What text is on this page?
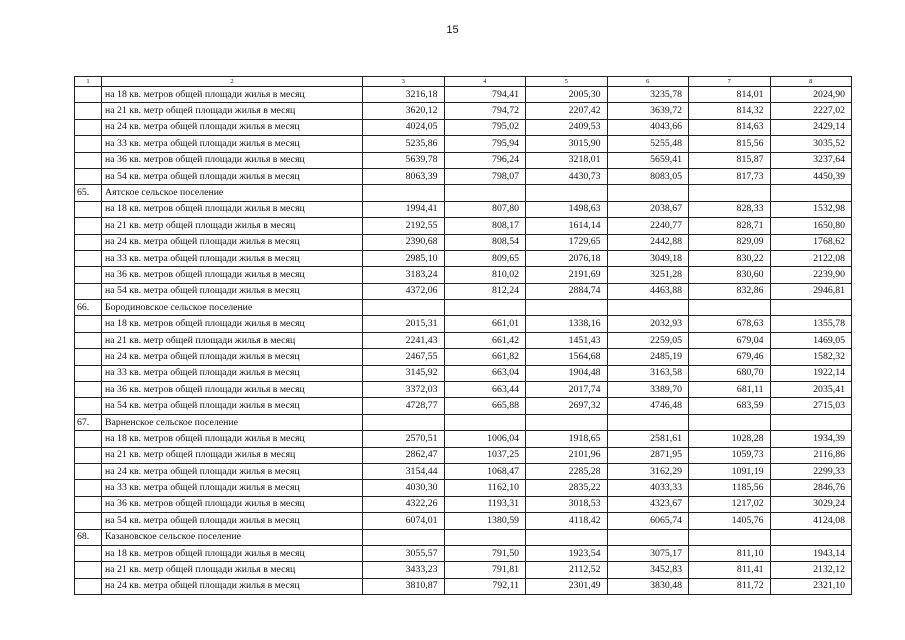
15
1	2	3	4	5	6	7	8
	на 18 кв. метров общей площади жилья в месяц	3216,18	794,41	2005,30	3235,78	814,01	2024,90
	на 21 кв. метр общей площади жилья в месяц	3620,12	794,72	2207,42	3639,72	814,32	2227,02
	на 24 кв. метра общей площади жилья в месяц	4024,05	795,02	2409,53	4043,66	814,63	2429,14
	на 33 кв. метра общей площади жилья в месяц	5235,86	795,94	3015,90	5255,48	815,56	3035,52
	на 36 кв. метров общей площади жилья в месяц	5639,78	796,24	3218,01	5659,41	815,87	3237,64
	на 54 кв. метра общей площади жилья в месяц	8063,39	798,07	4430,73	8083,05	817,73	4450,39
65.	Аятское сельское поселение						
	на 18 кв. метров общей площади жилья в месяц	1994,41	807,80	1498,63	2038,67	828,33	1532,98
	на 21 кв. метр общей площади жилья в месяц	2192,55	808,17	1614,14	2240,77	828,71	1650,80
	на 24 кв. метра общей площади жилья в месяц	2390,68	808,54	1729,65	2442,88	829,09	1768,62
	на 33 кв. метра общей площади жилья в месяц	2985,10	809,65	2076,18	3049,18	830,22	2122,08
	на 36 кв. метров общей площади жилья в месяц	3183,24	810,02	2191,69	3251,28	830,60	2239,90
	на 54 кв. метра общей площади жилья в месяц	4372,06	812,24	2884,74	4463,88	832,86	2946,81
66.	Бородиновское сельское поселение						
	на 18 кв. метров общей площади жилья в месяц	2015,31	661,01	1338,16	2032,93	678,63	1355,78
	на 21 кв. метр общей площади жилья в месяц	2241,43	661,42	1451,43	2259,05	679,04	1469,05
	на 24 кв. метра общей площади жилья в месяц	2467,55	661,82	1564,68	2485,19	679,46	1582,32
	на 33 кв. метра общей площади жилья в месяц	3145,92	663,04	1904,48	3163,58	680,70	1922,14
	на 36 кв. метров общей площади жилья в месяц	3372,03	663,44	2017,74	3389,70	681,11	2035,41
	на 54 кв. метра общей площади жилья в месяц	4728,77	665,88	2697,32	4746,48	683,59	2715,03
67.	Варненское сельское поселение						
	на 18 кв. метров общей площади жилья в месяц	2570,51	1006,04	1918,65	2581,61	1028,28	1934,39
	на 21 кв. метр общей площади жилья в месяц	2862,47	1037,25	2101,96	2871,95	1059,73	2116,86
	на 24 кв. метра общей площади жилья в месяц	3154,44	1068,47	2285,28	3162,29	1091,19	2299,33
	на 33 кв. метра общей площади жилья в месяц	4030,30	1162,10	2835,22	4033,33	1185,56	2846,76
	на 36 кв. метров общей площади жилья в месяц	4322,26	1193,31	3018,53	4323,67	1217,02	3029,24
	на 54 кв. метра общей площади жилья в месяц	6074,01	1380,59	4118,42	6065,74	1405,76	4124,08
68.	Казановское сельское поселение						
	на 18 кв. метров общей площади жилья в месяц	3055,57	791,50	1923,54	3075,17	811,10	1943,14
	на 21 кв. метр общей площади жилья в месяц	3433,23	791,81	2112,52	3452,83	811,41	2132,12
	на 24 кв. метра общей площади жилья в месяц	3810,87	792,11	2301,49	3830,48	811,72	2321,10
